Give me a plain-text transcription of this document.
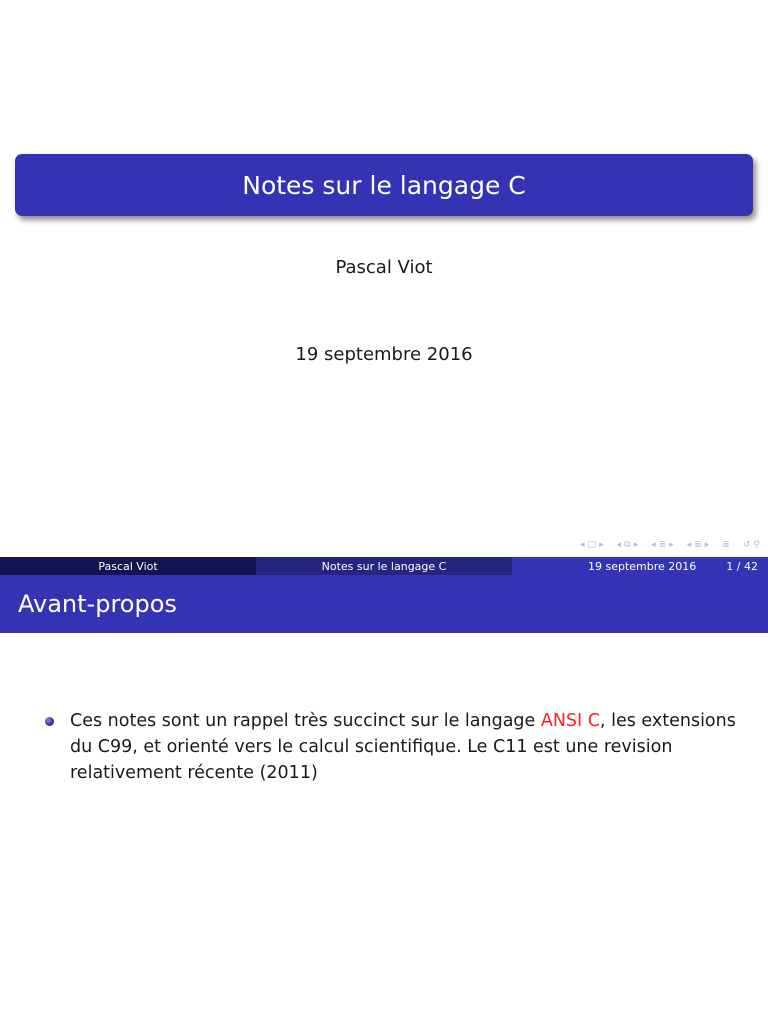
Notes sur le langage C
Pascal Viot
19 septembre 2016
◂ □ ▸ ◂ ⧉ ▸ ◂ ≣ ▸ ◂ ≣ ▸ ≣ ↺ ⚲
Pascal Viot	Notes sur le langage C	19 septembre 2016	1 / 42
Avant-propos
Ces notes sont un rappel très succinct sur le langage ANSI C, les extensions du C99, et orienté vers le calcul scientifique. Le C11 est une revision relativement récente (2011)
